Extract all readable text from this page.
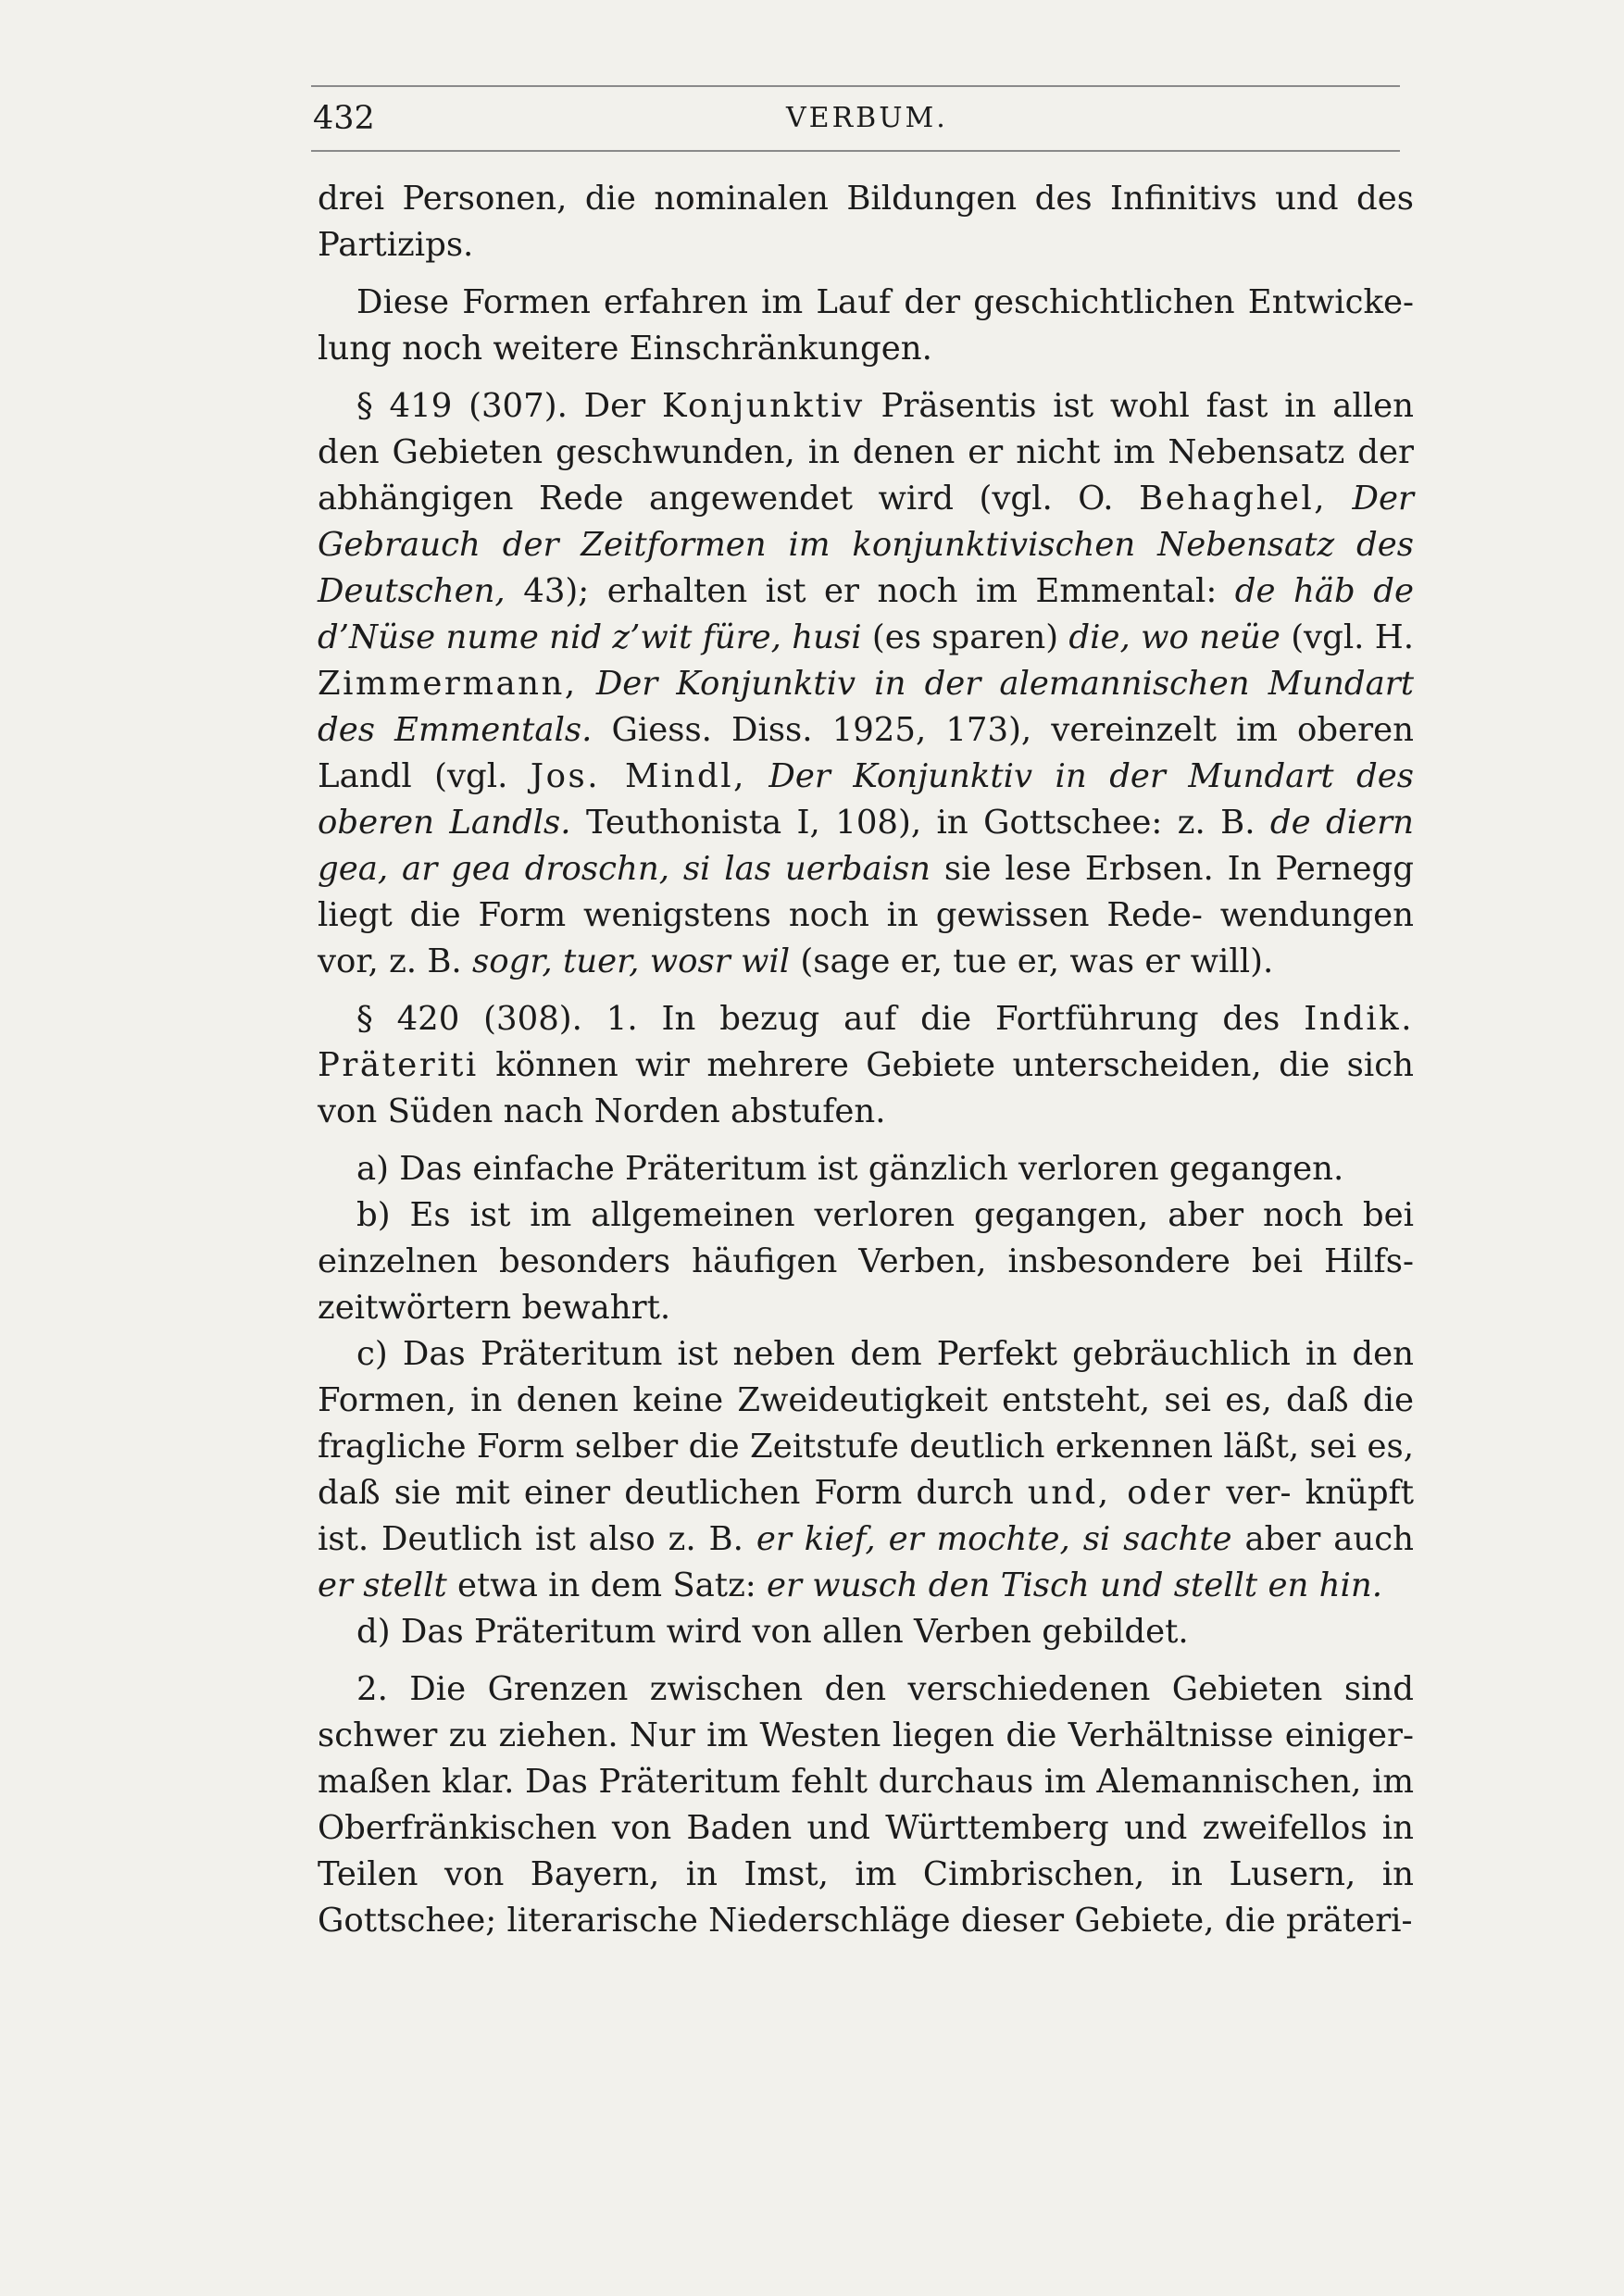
432	VERBUM.

drei Personen, die nominalen Bildungen des Infinitivs und des Partizips.

Diese Formen erfahren im Lauf der geschichtlichen Entwicke- lung noch weitere Einschränkungen.

§ 419 (307). Der Konjunktiv Präsentis ist wohl fast in allen den Gebieten geschwunden, in denen er nicht im Nebensatz der abhängigen Rede angewendet wird (vgl. O. Behaghel, Der Gebrauch der Zeitformen im konjunktivischen Nebensatz des Deutschen, 43); erhalten ist er noch im Emmental: de häb de d’Nüse nume nid z’wit füre, husi (es sparen) die, wo neüe (vgl. H. Zimmermann, Der Konjunktiv in der alemannischen Mundart des Emmentals. Giess. Diss. 1925, 173), vereinzelt im oberen Landl (vgl. Jos. Mindl, Der Konjunktiv in der Mundart des oberen Landls. Teuthonista I, 108), in Gottschee: z. B. de diern gea, ar gea droschn, si las uerbaisn sie lese Erbsen. In Pernegg liegt die Form wenigstens noch in gewissen Rede- wendungen vor, z. B. sogr, tuer, wosr wil (sage er, tue er, was er will).

§ 420 (308). 1. In bezug auf die Fortführung des Indik. Präteriti können wir mehrere Gebiete unterscheiden, die sich von Süden nach Norden abstufen.

a) Das einfache Präteritum ist gänzlich verloren gegangen.

b) Es ist im allgemeinen verloren gegangen, aber noch bei einzelnen besonders häufigen Verben, insbesondere bei Hilfs- zeitwörtern bewahrt.

c) Das Präteritum ist neben dem Perfekt gebräuchlich in den Formen, in denen keine Zweideutigkeit entsteht, sei es, daß die fragliche Form selber die Zeitstufe deutlich erkennen läßt, sei es, daß sie mit einer deutlichen Form durch und, oder ver- knüpft ist. Deutlich ist also z. B. er kief, er mochte, si sachte aber auch er stellt etwa in dem Satz: er wusch den Tisch und stellt en hin.

d) Das Präteritum wird von allen Verben gebildet.

2. Die Grenzen zwischen den verschiedenen Gebieten sind schwer zu ziehen. Nur im Westen liegen die Verhältnisse einiger- maßen klar. Das Präteritum fehlt durchaus im Alemannischen, im Oberfränkischen von Baden und Württemberg und zweifellos in Teilen von Bayern, in Imst, im Cimbrischen, in Lusern, in Gottschee; literarische Niederschläge dieser Gebiete, die präteri-
